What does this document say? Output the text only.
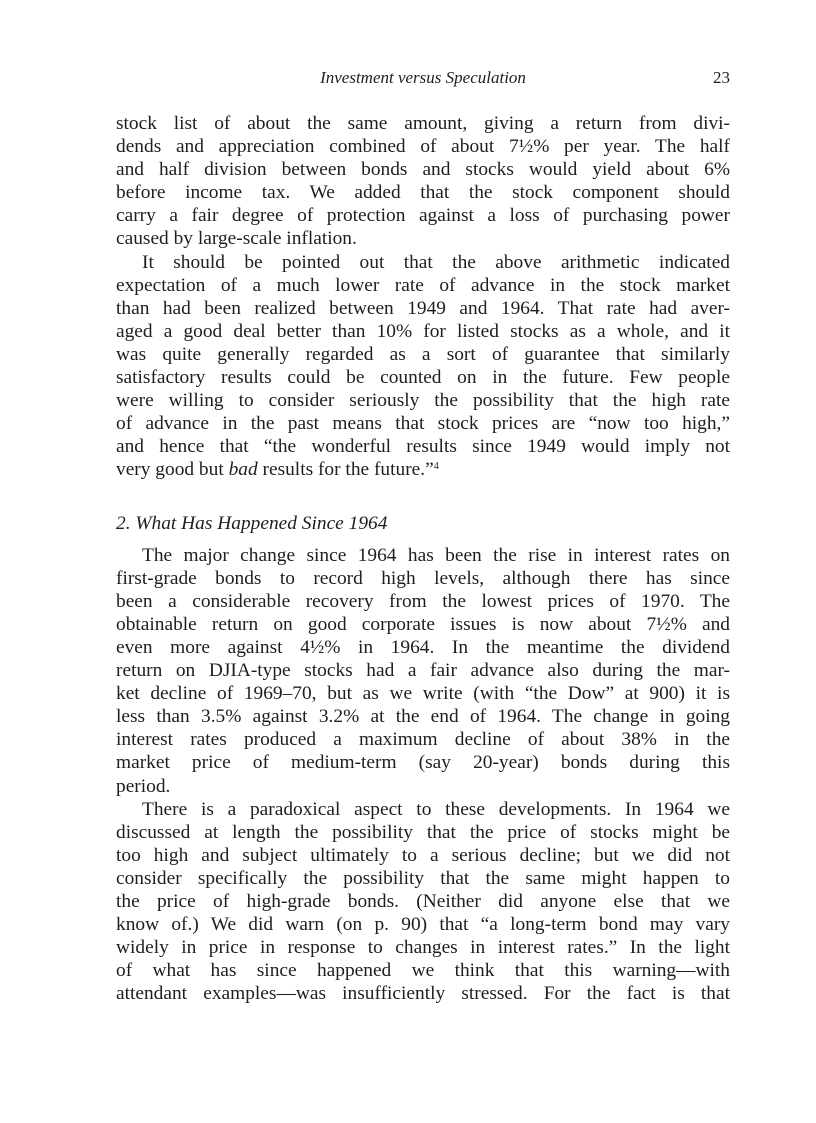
Investment versus Speculation	23

stock list of about the same amount, giving a return from divi-
dends and appreciation combined of about 7½% per year. The half
and half division between bonds and stocks would yield about 6%
before income tax. We added that the stock component should
carry a fair degree of protection against a loss of purchasing power
caused by large-scale inflation.

It should be pointed out that the above arithmetic indicated
expectation of a much lower rate of advance in the stock market
than had been realized between 1949 and 1964. That rate had aver-
aged a good deal better than 10% for listed stocks as a whole, and it
was quite generally regarded as a sort of guarantee that similarly
satisfactory results could be counted on in the future. Few people
were willing to consider seriously the possibility that the high rate
of advance in the past means that stock prices are “now too high,”
and hence that “the wonderful results since 1949 would imply not
very good but bad results for the future.”$^4$

2. What Has Happened Since 1964

The major change since 1964 has been the rise in interest rates on
first-grade bonds to record high levels, although there has since
been a considerable recovery from the lowest prices of 1970. The
obtainable return on good corporate issues is now about 7½% and
even more against 4½% in 1964. In the meantime the dividend
return on DJIA-type stocks had a fair advance also during the mar-
ket decline of 1969–70, but as we write (with “the Dow” at 900) it is
less than 3.5% against 3.2% at the end of 1964. The change in going
interest rates produced a maximum decline of about 38% in the
market price of medium-term (say 20-year) bonds during this
period.

There is a paradoxical aspect to these developments. In 1964 we
discussed at length the possibility that the price of stocks might be
too high and subject ultimately to a serious decline; but we did not
consider specifically the possibility that the same might happen to
the price of high-grade bonds. (Neither did anyone else that we
know of.) We did warn (on p. 90) that “a long-term bond may vary
widely in price in response to changes in interest rates.” In the light
of what has since happened we think that this warning—with
attendant examples—was insufficiently stressed. For the fact is that
